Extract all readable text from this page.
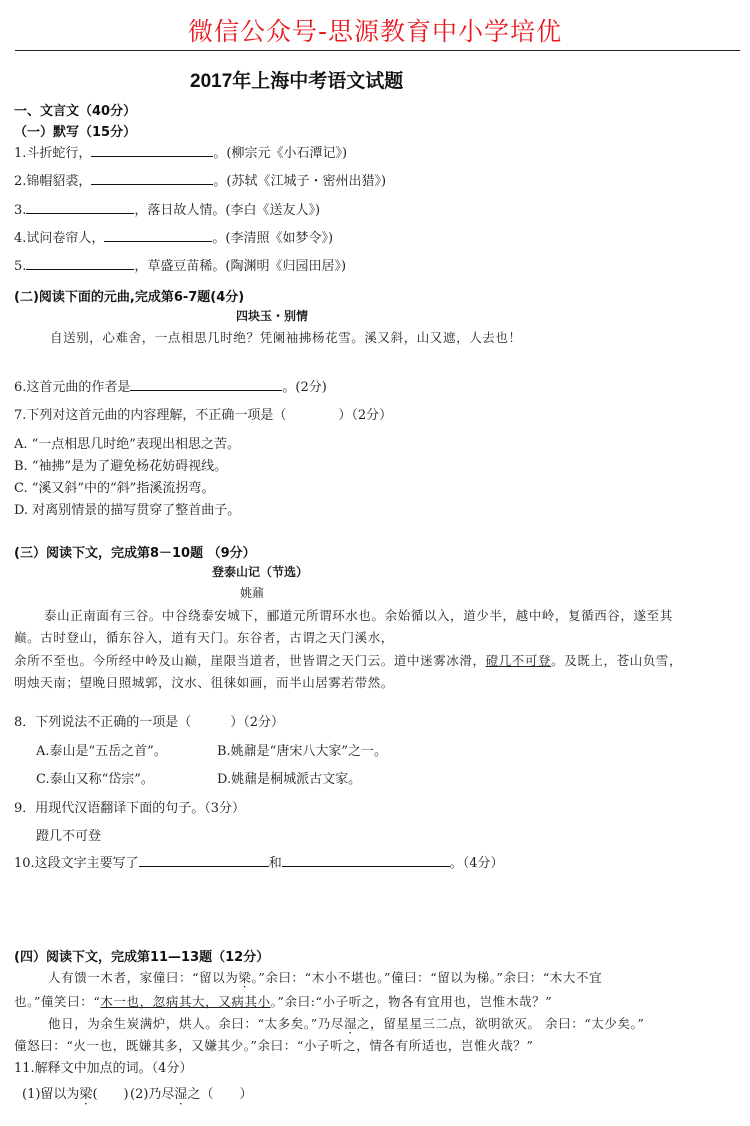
微信公众号-思源教育中小学培优
2017年上海中考语文试题
一、文言文（40分）
（一）默写（15分）
1.斗折蛇行，	。(柳宗元《小石潭记》)
2.锦帽貂裘，	。(苏轼《江城子・密州出猎》)
3.	，落日故人情。(李白《送友人》)
4.试问卷帘人，	。(李清照《如梦令》)
5.	，草盛豆苗稀。(陶渊明《归园田居》)
(二)阅读下面的元曲,完成第6-7题(4分)
四块玉・别情
自送别，心难舍，一点相思几时绝？凭阑袖拂杨花雪。溪又斜，山又遮，人去也！
6.这首元曲的作者是	。(2分)
7.下列对这首元曲的内容理解，不正确一项是（　　　　）（2分）
A. “一点相思几时绝”表现出相思之苦。
B. “袖拂”是为了避免杨花妨碍视线。
C. “溪又斜”中的“斜”指溪流拐弯。
D. 对离别情景的描写贯穿了整首曲子。
(三）阅读下文，完成第8－10题 （9分）
登泰山记（节选）
姚鼐
泰山正南面有三谷。中谷绕泰安城下，郦道元所谓环水也。余始循以入，道少半，越中岭，复循西谷，遂至其
巅。古时登山，循东谷入，道有天门。东谷者，古谓之天门溪水，
余所不至也。今所经中岭及山巅，崖限当道者，世皆谓之天门云。道中迷雾冰滑，磴几不可登。及既上，苍山负雪，
明烛天南；望晚日照城郭，汶水、徂徕如画，而半山居雾若带然。
8．下列说法不正确的一项是（　　　）（2分）
A.泰山是“五岳之首”。	B.姚鼐是“唐宋八大家”之一。
C.泰山又称“岱宗”。	D.姚鼐是桐城派古文家。
9．用现代汉语翻译下面的句子。（3分）
蹬几不可登
10.这段文字主要写了	和	。（4分）
(四）阅读下文，完成第11—13题（12分）
人有馈一木者，家僮曰：“留以为梁。”余曰：“木小不堪也。”僮曰：“留以为梯。”余曰：“木大不宜
也。”僮笑曰：“木一也，忽病其大，又病其小。”余曰:“小子听之，物各有宜用也，岂惟木哉？”
他日，为余生炭满炉，烘人。余曰：“太多矣。”乃尽湿之，留星星三二点，欲明欲灭。 余曰：“太少矣。”
僮怒曰：“火一也，既嫌其多，又嫌其少。”余曰：“小子听之，情各有所适也，岂惟火哉？”
11.解释文中加点的词。（4分）
(1)留以为梁(　　) (2)乃尽湿之（　　）
